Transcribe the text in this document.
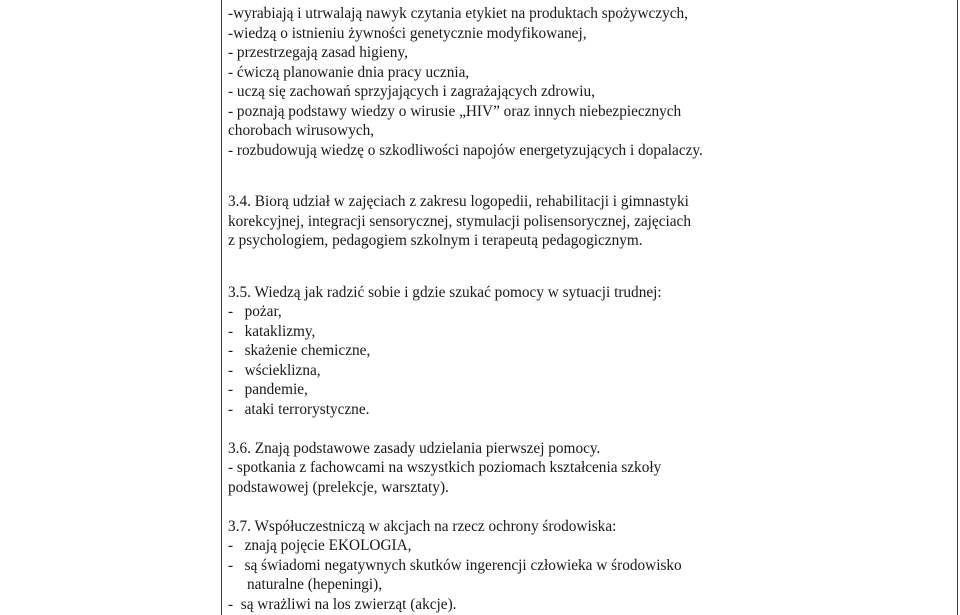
-wyrabiają i utrwalają nawyk czytania etykiet na produktach spożywczych,
-wiedzą o istnieniu żywności genetycznie modyfikowanej,
- przestrzegają zasad higieny,
- ćwiczą planowanie dnia pracy ucznia,
- uczą się zachowań sprzyjających i zagrażających zdrowiu,
- poznają podstawy wiedzy o wirusie „HIV” oraz innych niebezpiecznych
chorobach wirusowych,
- rozbudowują wiedzę o szkodliwości napojów energetyzujących i dopalaczy.
3.4. Biorą udział w zajęciach z zakresu logopedii, rehabilitacji i gimnastyki
korekcyjnej, integracji sensorycznej, stymulacji polisensorycznej, zajęciach
z psychologiem, pedagogiem szkolnym i terapeutą pedagogicznym.
3.5. Wiedzą jak radzić sobie i gdzie szukać pomocy w sytuacji trudnej:
-   pożar,
-   kataklizmy,
-   skażenie chemiczne,
-   wścieklizna,
-   pandemie,
-   ataki terrorystyczne.
3.6. Znają podstawowe zasady udzielania pierwszej pomocy.
- spotkania z fachowcami na wszystkich poziomach kształcenia szkoły
podstawowej (prelekcje, warsztaty).
3.7. Współuczestniczą w akcjach na rzecz ochrony środowiska:
-   znają pojęcie EKOLOGIA,
-   są świadomi negatywnych skutków ingerencji człowieka w środowisko
naturalne (hepeningi),
-  są wrażliwi na los zwierząt (akcje).
